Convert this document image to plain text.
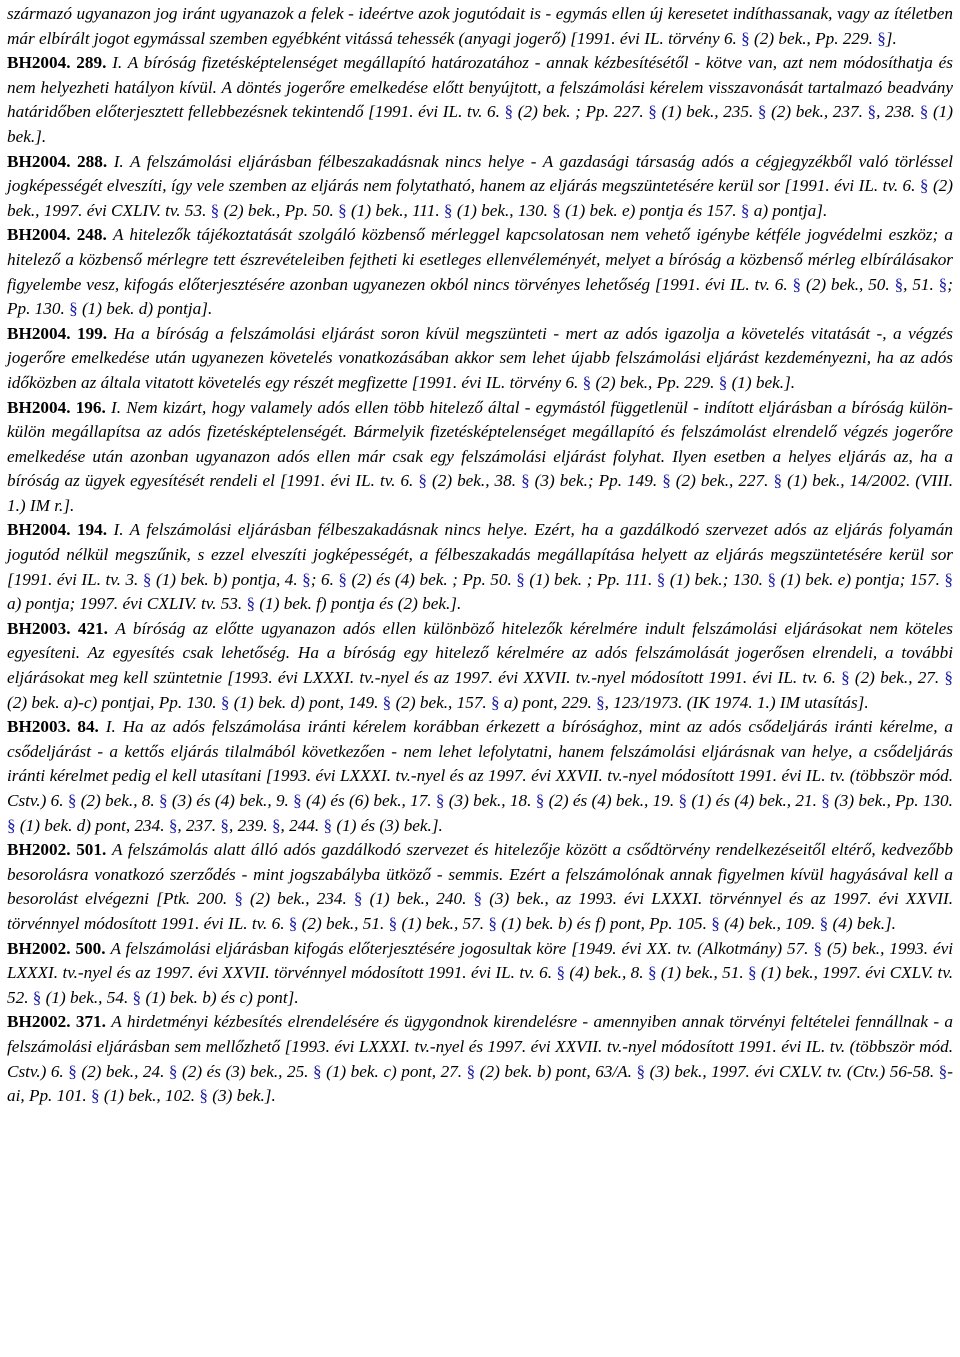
származó ugyanazon jog iránt ugyanazok a felek - ideértve azok jogutódait is - egymás ellen új keresetet indíthassanak, vagy az ítéletben már elbírált jogot egymással szemben egyébként vitássá tehessék (anyagi jogerő) [1991. évi IL. törvény 6. § (2) bek., Pp. 229. §].

BH2004. 289. I. A bíróság fizetésképtelenséget megállapító határozatához - annak kézbesítésétől - kötve van, azt nem módosíthatja és nem helyezheti hatályon kívül. A döntés jogerőre emelkedése előtt benyújtott, a felszámolási kérelem visszavonását tartalmazó beadvány határidőben előterjesztett fellebbezésnek tekintendő [1991. évi IL. tv. 6. § (2) bek. ; Pp. 227. § (1) bek., 235. § (2) bek., 237. §, 238. § (1) bek.].

BH2004. 288. I. A felszámolási eljárásban félbeszakadásnak nincs helye - A gazdasági társaság adós a cégjegyzékből való törléssel jogképességét elveszíti, így vele szemben az eljárás nem folytatható, hanem az eljárás megszüntetésére kerül sor [1991. évi IL. tv. 6. § (2) bek., 1997. évi CXLIV. tv. 53. § (2) bek., Pp. 50. § (1) bek., 111. § (1) bek., 130. § (1) bek. e) pontja és 157. § a) pontja].

BH2004. 248. A hitelezők tájékoztatását szolgáló közbenső mérleggel kapcsolatosan nem vehető igénybe kétféle jogvédelmi eszköz; a hitelező a közbenső mérlegre tett észrevételeiben fejtheti ki esetleges ellenvéleményét, melyet a bíróság a közbenső mérleg elbírálásakor figyelembe vesz, kifogás előterjesztésére azonban ugyanezen okból nincs törvényes lehetőség [1991. évi IL. tv. 6. § (2) bek., 50. §, 51. §; Pp. 130. § (1) bek. d) pontja].

BH2004. 199. Ha a bíróság a felszámolási eljárást soron kívül megszünteti - mert az adós igazolja a követelés vitatását -, a végzés jogerőre emelkedése után ugyanezen követelés vonatkozásában akkor sem lehet újabb felszámolási eljárást kezdeményezni, ha az adós időközben az általa vitatott követelés egy részét megfizette [1991. évi IL. törvény 6. § (2) bek., Pp. 229. § (1) bek.].

BH2004. 196. I. Nem kizárt, hogy valamely adós ellen több hitelező által - egymástól függetlenül - indított eljárásban a bíróság külön-külön megállapítsa az adós fizetésképtelenségét. Bármelyik fizetésképtelenséget megállapító és felszámolást elrendelő végzés jogerőre emelkedése után azonban ugyanazon adós ellen már csak egy felszámolási eljárást folyhat. Ilyen esetben a helyes eljárás az, ha a bíróság az ügyek egyesítését rendeli el [1991. évi IL. tv. 6. § (2) bek., 38. § (3) bek.; Pp. 149. § (2) bek., 227. § (1) bek., 14/2002. (VIII. 1.) IM r.].

BH2004. 194. I. A felszámolási eljárásban félbeszakadásnak nincs helye. Ezért, ha a gazdálkodó szervezet adós az eljárás folyamán jogutód nélkül megszűnik, s ezzel elveszíti jogképességét, a félbeszakadás megállapítása helyett az eljárás megszüntetésére kerül sor [1991. évi IL. tv. 3. § (1) bek. b) pontja, 4. §; 6. § (2) és (4) bek. ; Pp. 50. § (1) bek. ; Pp. 111. § (1) bek.; 130. § (1) bek. e) pontja; 157. § a) pontja; 1997. évi CXLIV. tv. 53. § (1) bek. f) pontja és (2) bek.].

BH2003. 421. A bíróság az előtte ugyanazon adós ellen különböző hitelezők kérelmére indult felszámolási eljárásokat nem köteles egyesíteni. Az egyesítés csak lehetőség. Ha a bíróság egy hitelező kérelmére az adós felszámolását jogerősen elrendeli, a további eljárásokat meg kell szüntetnie [1993. évi LXXXI. tv.-nyel és az 1997. évi XXVII. tv.-nyel módosított 1991. évi IL. tv. 6. § (2) bek., 27. § (2) bek. a)-c) pontjai, Pp. 130. § (1) bek. d) pont, 149. § (2) bek., 157. § a) pont, 229. §, 123/1973. (IK 1974. 1.) IM utasítás].

BH2003. 84. I. Ha az adós felszámolása iránti kérelem korábban érkezett a bírósághoz, mint az adós csődeljárás iránti kérelme, a csődeljárást - a kettős eljárás tilalmából következően - nem lehet lefolytatni, hanem felszámolási eljárásnak van helye, a csődeljárás iránti kérelmet pedig el kell utasítani [1993. évi LXXXI. tv.-nyel és az 1997. évi XXVII. tv.-nyel módosított 1991. évi IL. tv. (többször mód. Cstv.) 6. § (2) bek., 8. § (3) és (4) bek., 9. § (4) és (6) bek., 17. § (3) bek., 18. § (2) és (4) bek., 19. § (1) és (4) bek., 21. § (3) bek., Pp. 130. § (1) bek. d) pont, 234. §, 237. §, 239. §, 244. § (1) és (3) bek.].

BH2002. 501. A felszámolás alatt álló adós gazdálkodó szervezet és hitelezője között a csődtörvény rendelkezéseitől eltérő, kedvezőbb besorolásra vonatkozó szerződés - mint jogszabályba ütköző - semmis. Ezért a felszámolónak annak figyelmen kívül hagyásával kell a besorolást elvégezni [Ptk. 200. § (2) bek., 234. § (1) bek., 240. § (3) bek., az 1993. évi LXXXI. törvénnyel és az 1997. évi XXVII. törvénnyel módosított 1991. évi IL. tv. 6. § (2) bek., 51. § (1) bek., 57. § (1) bek. b) és f) pont, Pp. 105. § (4) bek., 109. § (4) bek.].

BH2002. 500. A felszámolási eljárásban kifogás előterjesztésére jogosultak köre [1949. évi XX. tv. (Alkotmány) 57. § (5) bek., 1993. évi LXXXI. tv.-nyel és az 1997. évi XXVII. törvénnyel módosított 1991. évi IL. tv. 6. § (4) bek., 8. § (1) bek., 51. § (1) bek., 1997. évi CXLV. tv. 52. § (1) bek., 54. § (1) bek. b) és c) pont].

BH2002. 371. A hirdetményi kézbesítés elrendelésére és ügygondnok kirendelésre - amennyiben annak törvényi feltételei fennállnak - a felszámolási eljárásban sem mellőzhető [1993. évi LXXXI. tv.-nyel és 1997. évi XXVII. tv.-nyel módosított 1991. évi IL. tv. (többször mód. Cstv.) 6. § (2) bek., 24. § (2) és (3) bek., 25. § (1) bek. c) pont, 27. § (2) bek. b) pont, 63/A. § (3) bek., 1997. évi CXLV. tv. (Ctv.) 56-58. §-ai, Pp. 101. § (1) bek., 102. § (3) bek.].
